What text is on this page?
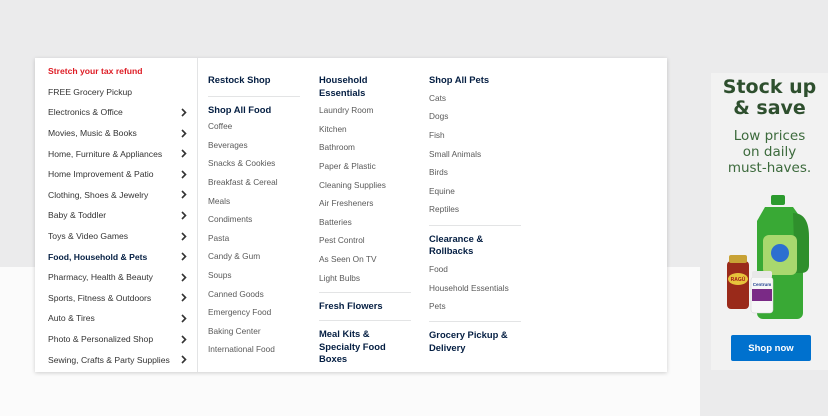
Stretch your tax refund
FREE Grocery Pickup
Electronics & Office
Movies, Music & Books
Home, Furniture & Appliances
Home Improvement & Patio
Clothing, Shoes & Jewelry
Baby & Toddler
Toys & Video Games
Food, Household & Pets
Pharmacy, Health & Beauty
Sports, Fitness & Outdoors
Auto & Tires
Photo & Personalized Shop
Sewing, Crafts & Party Supplies
Restock Shop
Shop All Food
Coffee
Beverages
Snacks & Cookies
Breakfast & Cereal
Meals
Condiments
Pasta
Candy & Gum
Soups
Canned Goods
Emergency Food
Baking Center
International Food
Household Essentials
Laundry Room
Kitchen
Bathroom
Paper & Plastic
Cleaning Supplies
Air Fresheners
Batteries
Pest Control
As Seen On TV
Light Bulbs
Fresh Flowers
Meal Kits & Specialty Food Boxes
Shop All Pets
Cats
Dogs
Fish
Small Animals
Birds
Equine
Reptiles
Clearance & Rollbacks
Food
Household Essentials
Pets
Grocery Pickup & Delivery
Stock up
& save
Low prices
on daily
must-haves.
RAGÚ
Centrum
Shop now
